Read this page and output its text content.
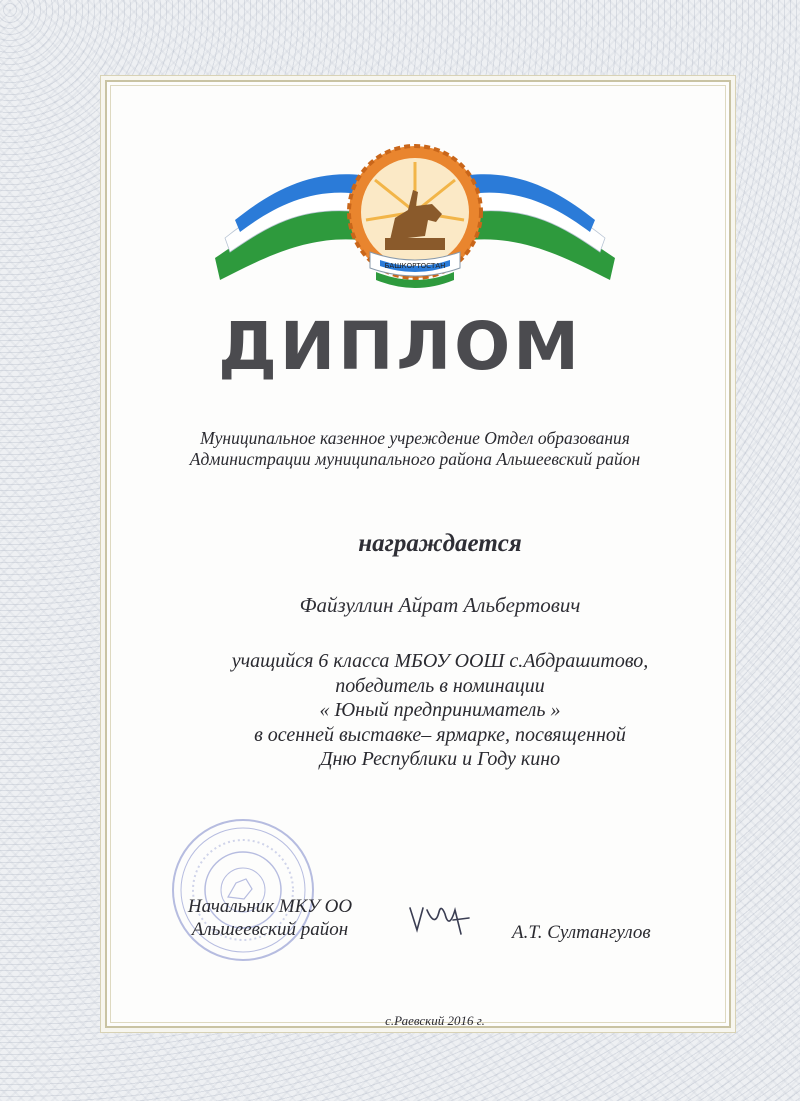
БАШКОРТОСТАН
ДИПЛОМ
Муниципальное казенное учреждение Отдел образования
Администрации муниципального района Альшеевский район
награждается
Файзуллин Айрат Альбертович
учащийся 6 класса МБОУ ООШ с.Абдрашитово,
победитель в номинации
« Юный предприниматель »
в осенней выставке– ярмарке, посвященной
Дню Республики и Году кино
Начальник МКУ ОО
Альшеевский район	А.Т. Султангулов
с.Раевский 2016 г.
